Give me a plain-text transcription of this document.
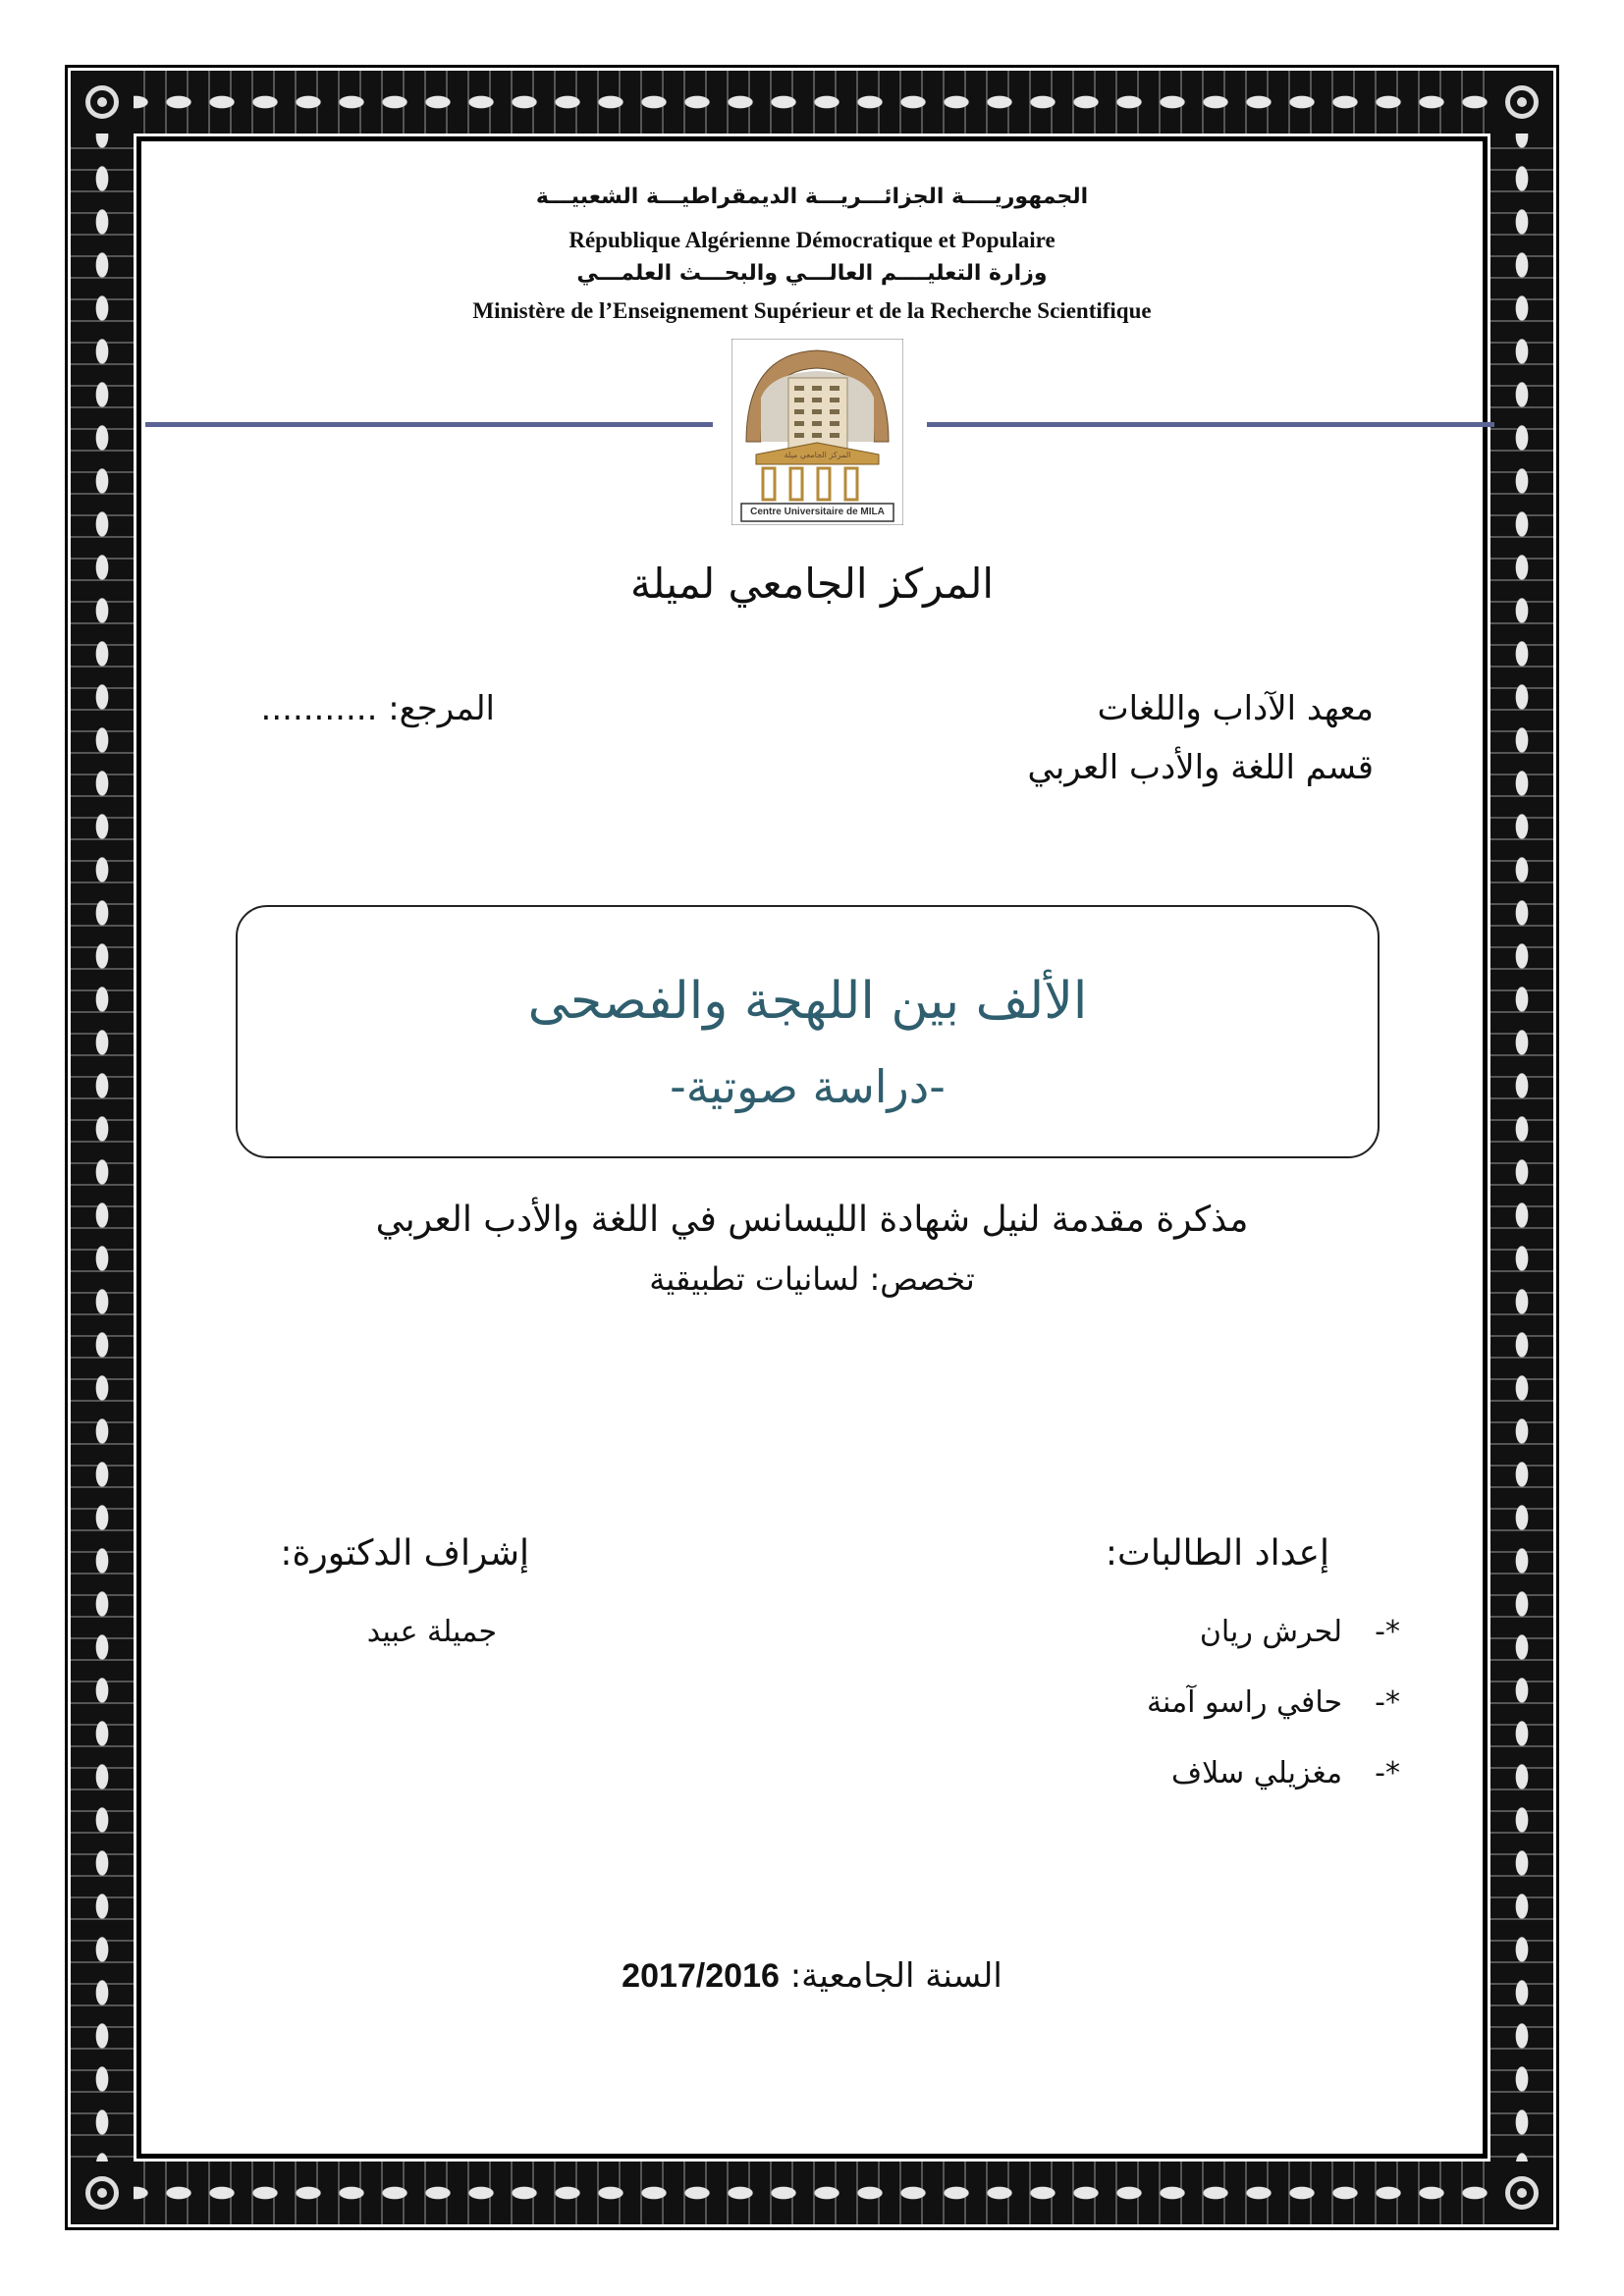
الجمهوريــــة الجزائـــريـــة الديمقراطيـــة الشعبيـــة
République Algérienne Démocratique et Populaire
وزارة التعليــــم العالـــي والبحـــث العلمـــي
Ministère de l’Enseignement Supérieur et de la Recherche Scientifique
المركز الجامعي ميلة
Centre Universitaire de MILA
المركز الجامعي لميلة
معهد الآداب واللغات
قسم اللغة والأدب العربي
المرجع: ...........
الألف بين اللهجة والفصحى
-دراسة صوتية-
مذكرة مقدمة لنيل شهادة الليسانس في اللغة والأدب العربي
تخصص: لسانيات تطبيقية
إعداد الطالبات:
*-  لحرش ريان
*-  حافي راسو آمنة
*-  مغزيلي سلاف
إشراف الدكتورة:
جميلة عبيد
السنة الجامعية: 2017/2016
